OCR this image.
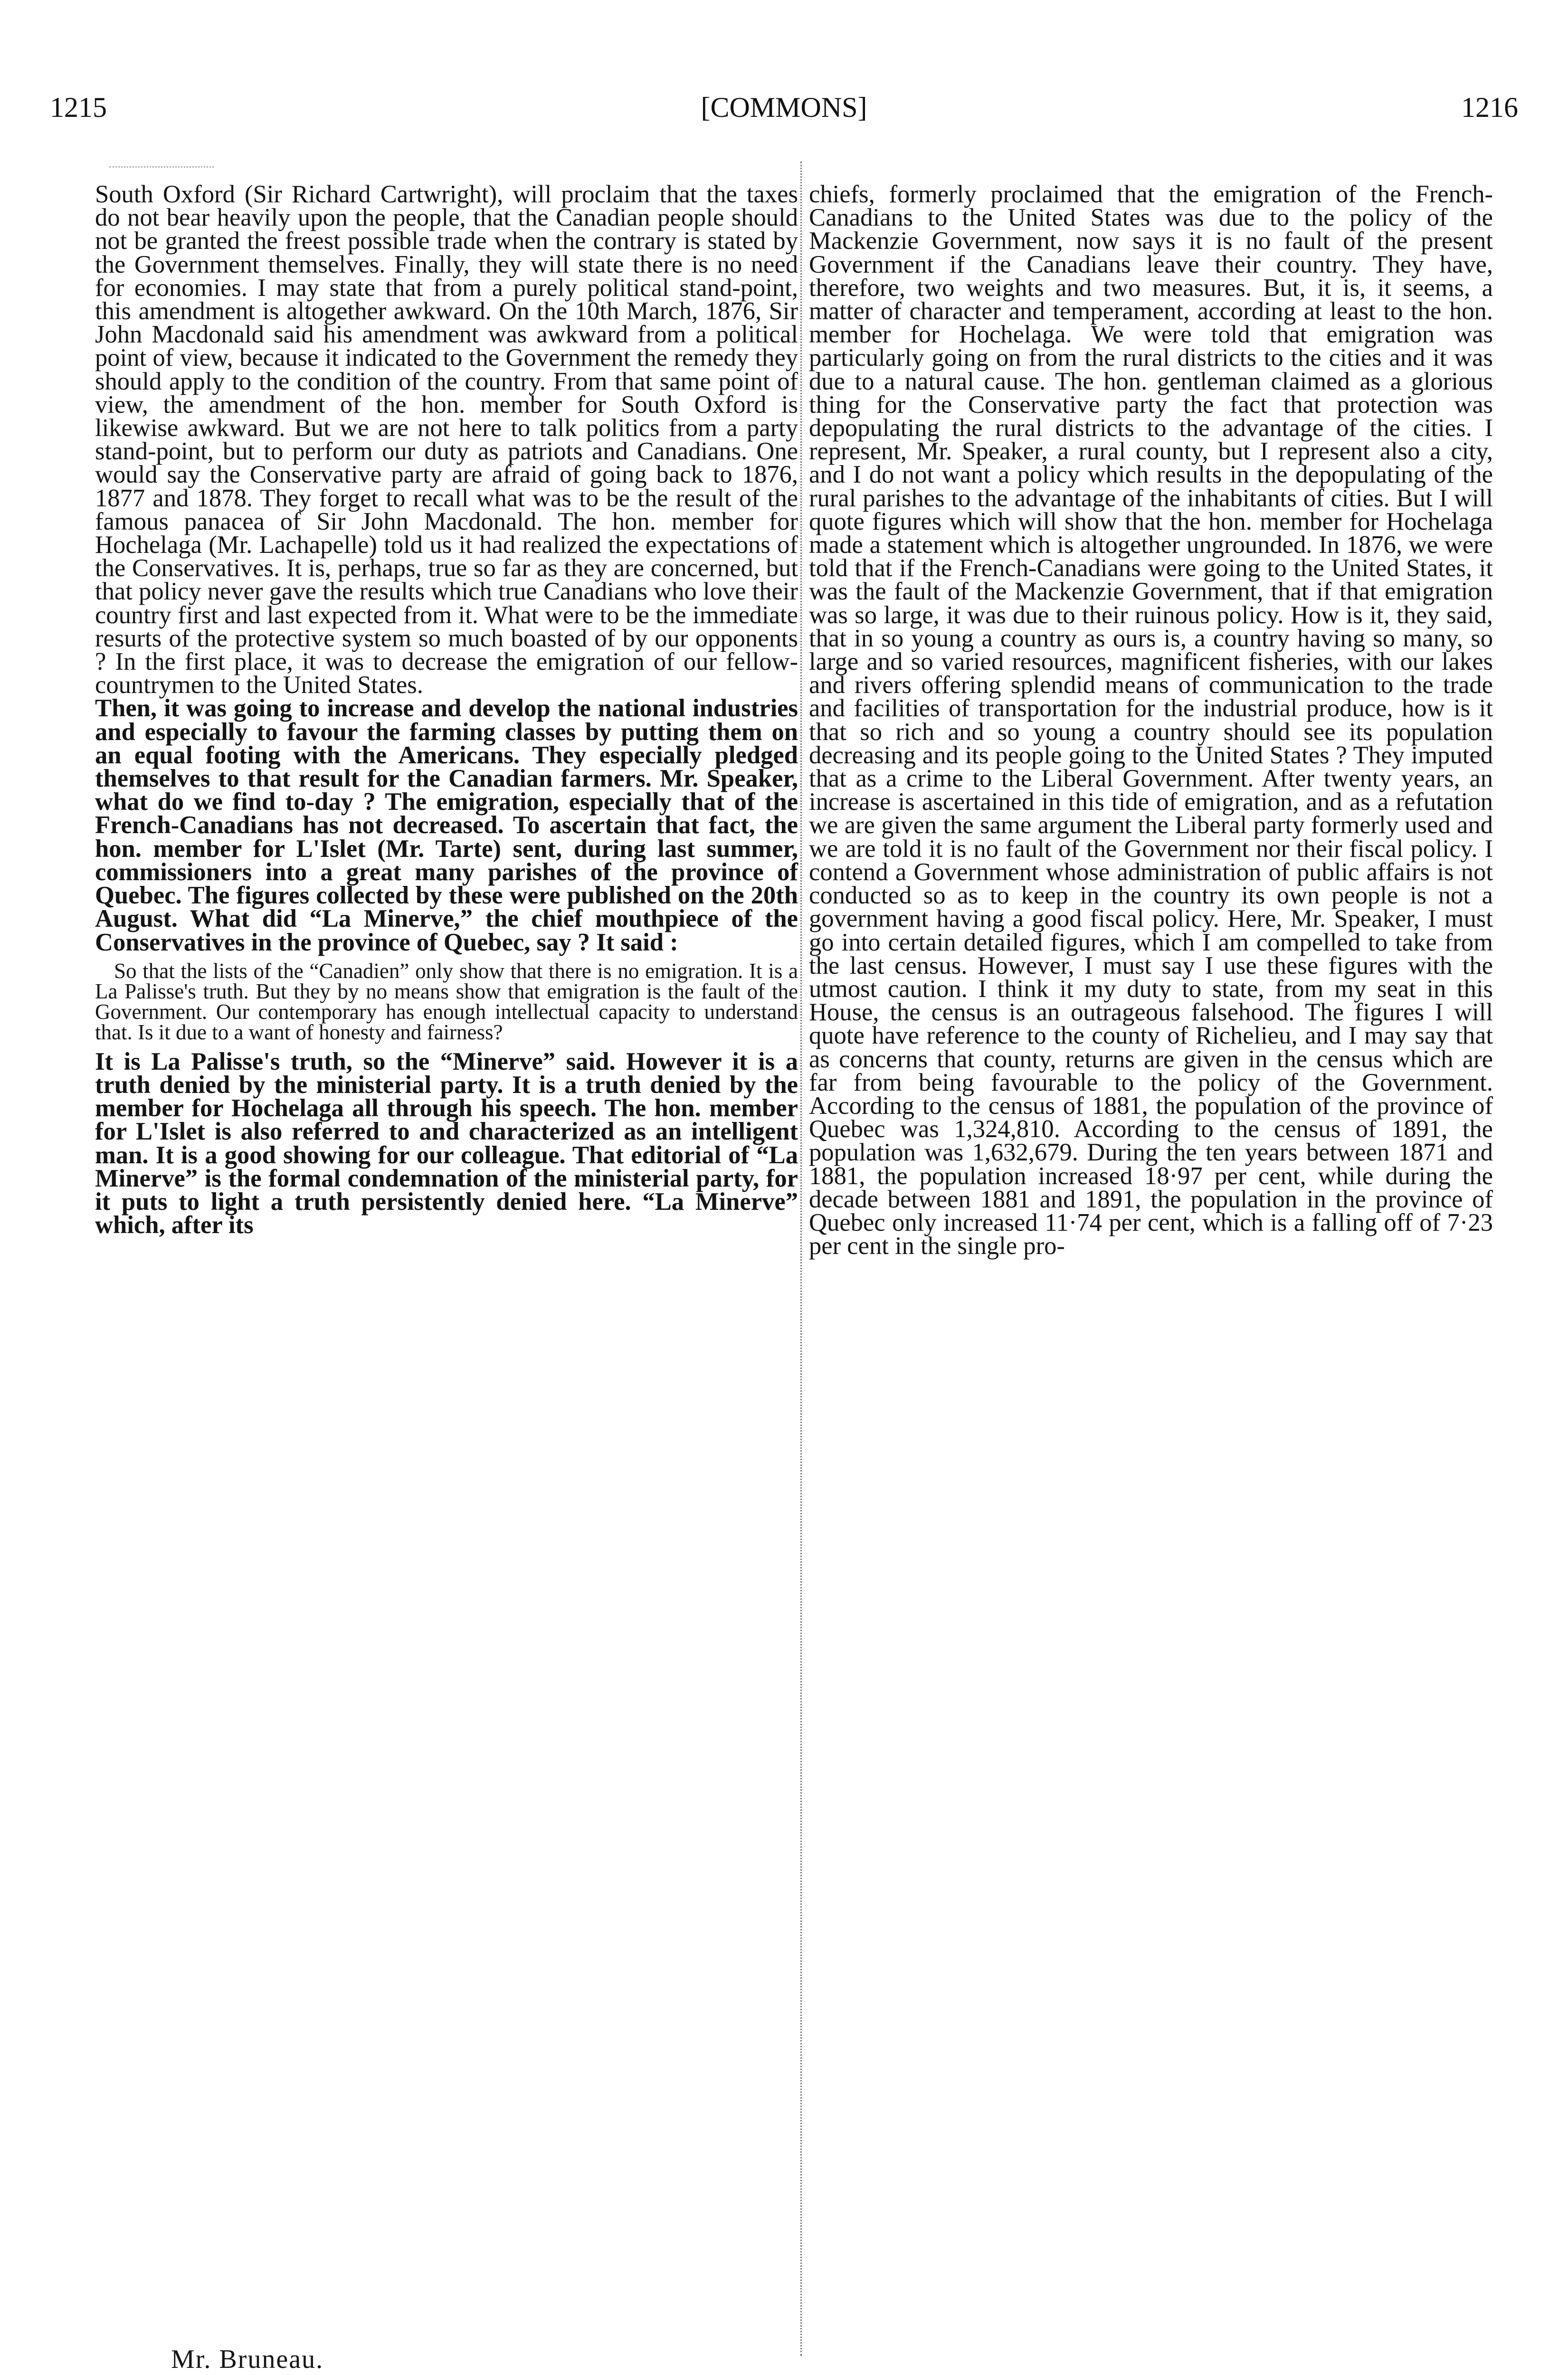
1215	[COMMONS]	1216

South Oxford (Sir Richard Cartwright), will proclaim that the taxes do not bear heavily upon the people, that the Canadian people should not be granted the freest possible trade when the contrary is stated by the Government themselves. Finally, they will state there is no need for economies. I may state that from a purely political stand-point, this amendment is altogether awkward. On the 10th March, 1876, Sir John Macdonald said his amendment was awkward from a political point of view, because it indicated to the Government the remedy they should apply to the condition of the country. From that same point of view, the amendment of the hon. member for South Oxford is likewise awkward. But we are not here to talk politics from a party stand-point, but to perform our duty as patriots and Canadians. One would say the Conservative party are afraid of going back to 1876, 1877 and 1878. They forget to recall what was to be the result of the famous panacea of Sir John Macdonald. The hon. member for Hochelaga (Mr. Lachapelle) told us it had realized the expectations of the Conservatives. It is, perhaps, true so far as they are concerned, but that policy never gave the results which true Canadians who love their country first and last expected from it. What were to be the immediate resurts of the protective system so much boasted of by our opponents ? In the first place, it was to decrease the emigration of our fellow-countrymen to the United States.

Then, it was going to increase and develop the national industries and especially to favour the farming classes by putting them on an equal footing with the Americans. They especially pledged themselves to that result for the Canadian farmers. Mr. Speaker, what do we find to-day ? The emigration, especially that of the French-Canadians has not decreased. To ascertain that fact, the hon. member for L'Islet (Mr. Tarte) sent, during last summer, commissioners into a great many parishes of the province of Quebec. The figures collected by these were published on the 20th August. What did “La Minerve,” the chief mouthpiece of the Conservatives in the province of Quebec, say ? It said :

So that the lists of the “Canadien” only show that there is no emigration. It is a La Palisse's truth. But they by no means show that emigration is the fault of the Government. Our contemporary has enough intellectual capacity to understand that. Is it due to a want of honesty and fairness?

It is La Palisse's truth, so the “Minerve” said. However it is a truth denied by the ministerial party. It is a truth denied by the member for Hochelaga all through his speech. The hon. member for L'Islet is also referred to and characterized as an intelligent man. It is a good showing for our colleague. That editorial of “La Minerve” is the formal condemnation of the ministerial party, for it puts to light a truth persistently denied here. “La Minerve” which, after its

chiefs, formerly proclaimed that the emigration of the French-Canadians to the United States was due to the policy of the Mackenzie Government, now says it is no fault of the present Government if the Canadians leave their country. They have, therefore, two weights and two measures. But, it is, it seems, a matter of character and temperament, according at least to the hon. member for Hochelaga. We were told that emigration was particularly going on from the rural districts to the cities and it was due to a natural cause. The hon. gentleman claimed as a glorious thing for the Conservative party the fact that protection was depopulating the rural districts to the advantage of the cities. I represent, Mr. Speaker, a rural county, but I represent also a city, and I do not want a policy which results in the depopulating of the rural parishes to the advantage of the inhabitants of cities. But I will quote figures which will show that the hon. member for Hochelaga made a statement which is altogether ungrounded. In 1876, we were told that if the French-Canadians were going to the United States, it was the fault of the Mackenzie Government, that if that emigration was so large, it was due to their ruinous policy. How is it, they said, that in so young a country as ours is, a country having so many, so large and so varied resources, magnificent fisheries, with our lakes and rivers offering splendid means of communication to the trade and facilities of transportation for the industrial produce, how is it that so rich and so young a country should see its population decreasing and its people going to the United States ? They imputed that as a crime to the Liberal Government. After twenty years, an increase is ascertained in this tide of emigration, and as a refutation we are given the same argument the Liberal party formerly used and we are told it is no fault of the Government nor their fiscal policy. I contend a Government whose administration of public affairs is not conducted so as to keep in the country its own people is not a government having a good fiscal policy. Here, Mr. Speaker, I must go into certain detailed figures, which I am compelled to take from the last census. However, I must say I use these figures with the utmost caution. I think it my duty to state, from my seat in this House, the census is an outrageous falsehood. The figures I will quote have reference to the county of Richelieu, and I may say that as concerns that county, returns are given in the census which are far from being favourable to the policy of the Government. According to the census of 1881, the population of the province of Quebec was 1,324,810. According to the census of 1891, the population was 1,632,679. During the ten years between 1871 and 1881, the population increased 18·97 per cent, while during the decade between 1881 and 1891, the population in the province of Quebec only increased 11·74 per cent, which is a falling off of 7·23 per cent in the single pro-

Mr. Bruneau.
